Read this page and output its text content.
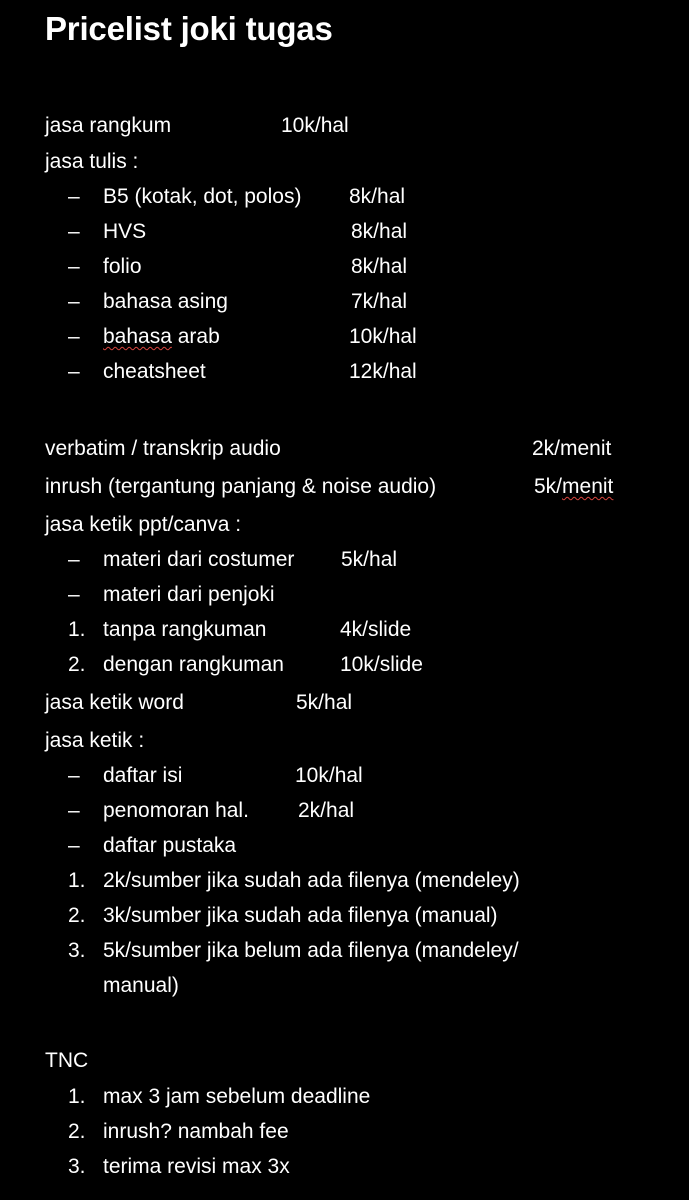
Pricelist joki tugas
jasa rangkum	10k/hal
jasa tulis :
– B5 (kotak, dot, polos) 8k/hal
– HVS	8k/hal
– folio	8k/hal
– bahasa asing	7k/hal
– bahasa arab	10k/hal
– cheatsheet	12k/hal
verbatim / transkrip audio	2k/menit
inrush (tergantung panjang & noise audio)	5k/menit
jasa ketik ppt/canva :
– materi dari costumer 5k/hal
– materi dari penjoki
1. tanpa rangkuman	4k/slide
2. dengan rangkuman	10k/slide
jasa ketik word	5k/hal
jasa ketik :
– daftar isi	10k/hal
– penomoran hal. 2k/hal
– daftar pustaka
1. 2k/sumber jika sudah ada filenya (mendeley)
2. 3k/sumber jika sudah ada filenya (manual)
3. 5k/sumber jika belum ada filenya (mandeley/
manual)
TNC
1. max 3 jam sebelum deadline
2. inrush? nambah fee
3. terima revisi max 3x
